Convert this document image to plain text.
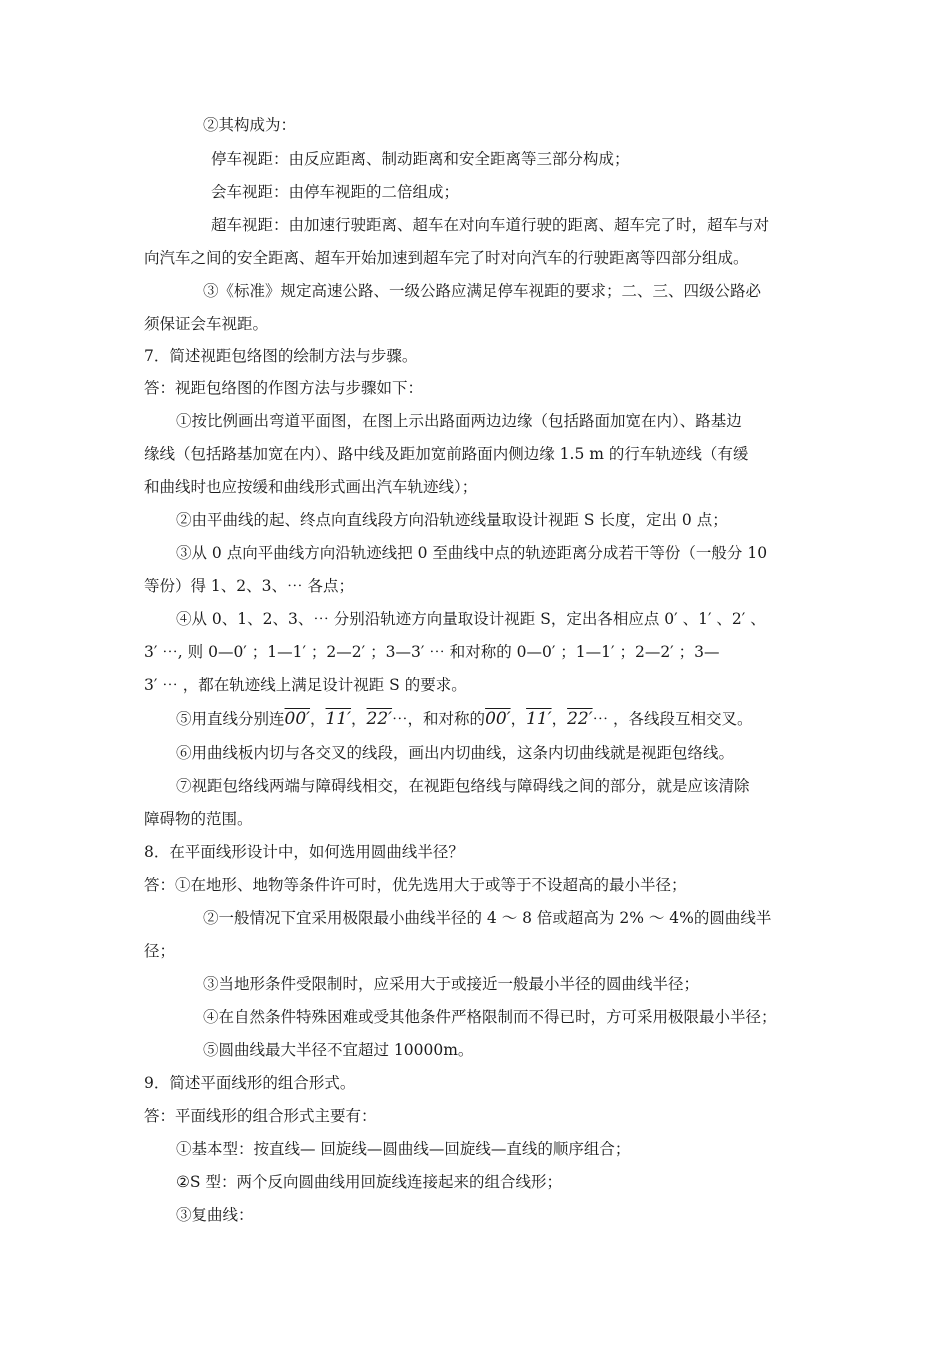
②其构成为：
停车视距：由反应距离、制动距离和安全距离等三部分构成；
会车视距：由停车视距的二倍组成；
超车视距：由加速行驶距离、超车在对向车道行驶的距离、超车完了时，超车与对
向汽车之间的安全距离、超车开始加速到超车完了时对向汽车的行驶距离等四部分组成。
③《标准》规定高速公路、一级公路应满足停车视距的要求；二、三、四级公路必
须保证会车视距。
7．简述视距包络图的绘制方法与步骤。
答：视距包络图的作图方法与步骤如下：
①按比例画出弯道平面图，在图上示出路面两边边缘（包括路面加宽在内）、路基边
缘线（包括路基加宽在内）、路中线及距加宽前路面内侧边缘 1.5 m 的行车轨迹线（有缓
和曲线时也应按缓和曲线形式画出汽车轨迹线）；
②由平曲线的起、终点向直线段方向沿轨迹线量取设计视距 S 长度，定出 0 点；
③从 0 点向平曲线方向沿轨迹线把 0 至曲线中点的轨迹距离分成若干等份（一般分 10
等份）得 1、2、3、⋯ 各点；
④从 0、1、2、3、⋯ 分别沿轨迹方向量取设计视距 S，定出各相应点 0′ 、1′ 、2′ 、
3′ ⋯, 则 0—0′ ；1—1′ ；2—2′ ；3—3′ ⋯ 和对称的 0—0′ ；1—1′ ；2—2′ ；3—
3′ ⋯ ，都在轨迹线上满足设计视距 S 的要求。
⑤用直线分别连00′，11′，22′⋯，和对称的00′，11′，22′⋯ ，各线段互相交叉。
⑥用曲线板内切与各交叉的线段，画出内切曲线，这条内切曲线就是视距包络线。
⑦视距包络线两端与障碍线相交，在视距包络线与障碍线之间的部分，就是应该清除
障碍物的范围。
8．在平面线形设计中，如何选用圆曲线半径？
答：①在地形、地物等条件许可时，优先选用大于或等于不设超高的最小半径；
②一般情况下宜采用极限最小曲线半径的 4 ～ 8 倍或超高为 2% ～ 4%的圆曲线半
径；
③当地形条件受限制时，应采用大于或接近一般最小半径的圆曲线半径；
④在自然条件特殊困难或受其他条件严格限制而不得已时，方可采用极限最小半径；
⑤圆曲线最大半径不宜超过 10000m。
9．简述平面线形的组合形式。
答：平面线形的组合形式主要有：
①基本型：按直线— 回旋线—圆曲线—回旋线—直线的顺序组合；
②S 型：两个反向圆曲线用回旋线连接起来的组合线形；
③复曲线：
